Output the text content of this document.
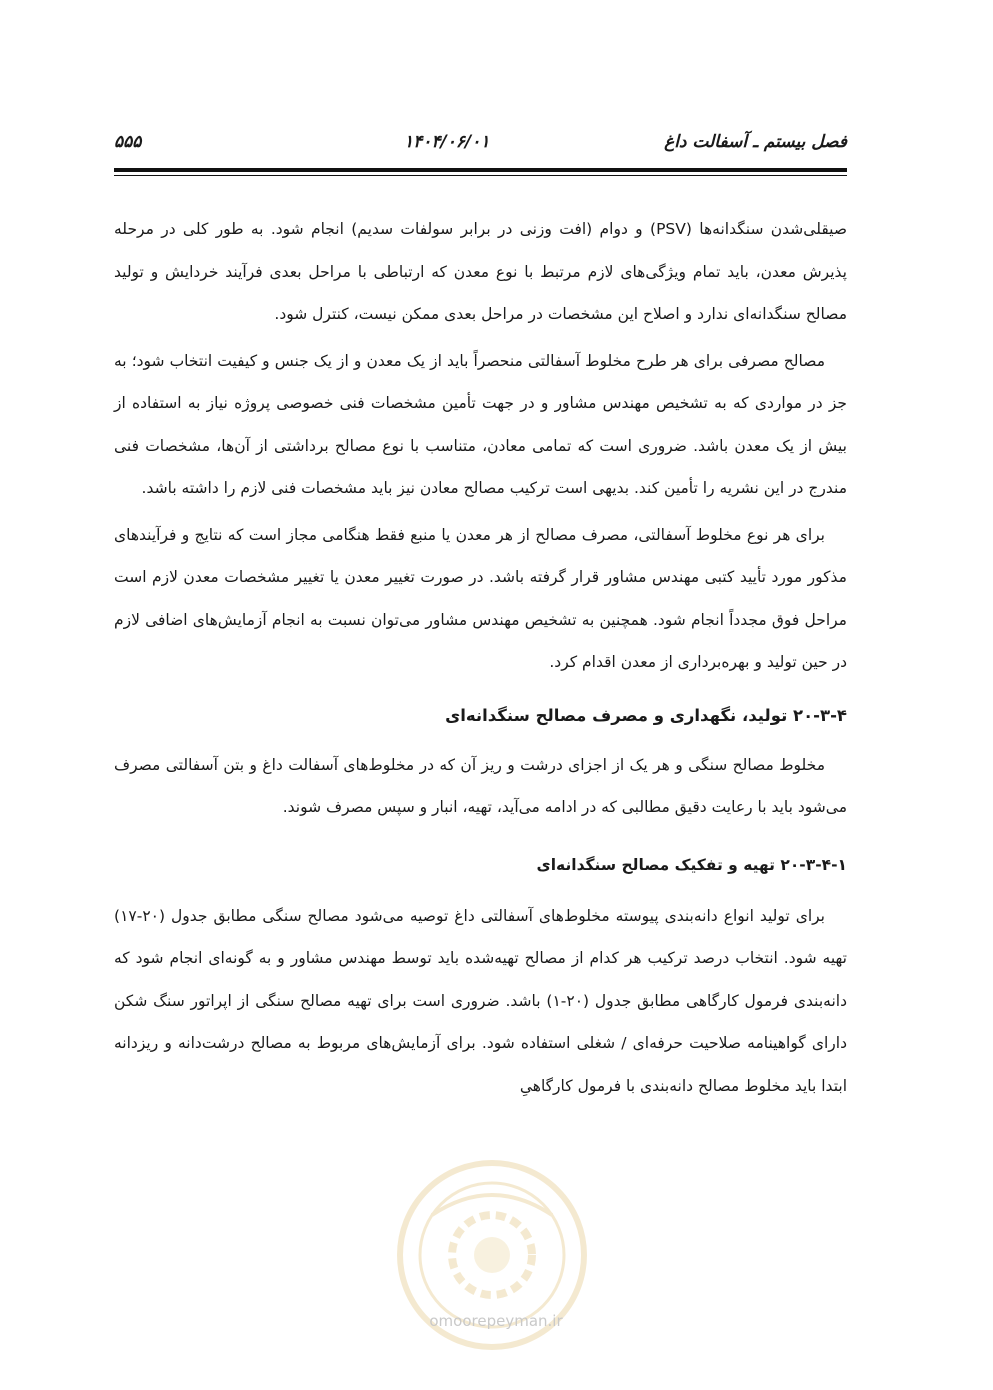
فصل بیستم ـ آسفالت داغ
۱۴۰۴/۰۶/۰۱
۵۵۵

صیقلی‌شدن سنگدانه‌ها (PSV) و دوام (افت وزنی در برابر سولفات سدیم) انجام شود. به طور کلی در مرحله پذیرش معدن، باید تمام ویژگی‌های لازم مرتبط با نوع معدن که ارتباطی با مراحل بعدی فرآیند خردایش و تولید مصالح سنگدانه‌ای ندارد و اصلاح این مشخصات در مراحل بعدی ممکن نیست، کنترل شود.

مصالح مصرفی برای هر طرح مخلوط آسفالتی منحصراً باید از یک معدن و از یک جنس و کیفیت انتخاب شود؛ به جز در مواردی که به تشخیص مهندس مشاور و در جهت تأمین مشخصات فنی خصوصی پروژه نیاز به استفاده از بیش از یک معدن باشد. ضروری است که تمامی معادن، متناسب با نوع مصالح برداشتی از آن‌ها، مشخصات فنی مندرج در این نشریه را تأمین کند. بدیهی است ترکیب مصالح معادن نیز باید مشخصات فنی لازم را داشته باشد.

برای هر نوع مخلوط آسفالتی، مصرف مصالح از هر معدن یا منبع فقط هنگامی مجاز است که نتایج و فرآیندهای مذکور مورد تأیید کتبی مهندس مشاور قرار گرفته باشد. در صورت تغییر معدن یا تغییر مشخصات معدن لازم است مراحل فوق مجدداً انجام شود. همچنین به تشخیص مهندس مشاور می‌توان نسبت به انجام آزمایش‌های اضافی لازم در حین تولید و بهره‌برداری از معدن اقدام کرد.

۲۰-۳-۴ تولید، نگهداری و مصرف مصالح سنگدانه‌ای

مخلوط مصالح سنگی و هر یک از اجزای درشت و ریز آن که در مخلوط‌های آسفالت داغ و بتن آسفالتی مصرف می‌شود باید با رعایت دقیق مطالبی که در ادامه می‌آید، تهیه، انبار و سپس مصرف شوند.

۲۰-۳-۴-۱ تهیه و تفکیک مصالح سنگدانه‌ای

برای تولید انواع دانه‌بندی پیوسته مخلوط‌های آسفالتی داغ توصیه می‌شود مصالح سنگی مطابق جدول (۲۰-۱۷) تهیه شود. انتخاب درصد ترکیب هر کدام از مصالح تهیه‌شده باید توسط مهندس مشاور و به گونه‌ای انجام شود که دانه‌بندی فرمول کارگاهی مطابق جدول (۲۰-۱) باشد. ضروری است برای تهیه مصالح سنگی از اپراتور سنگ شکن دارای گواهینامه صلاحیت حرفه‌ای / شغلی استفاده شود. برای آزمایش‌های مربوط به مصالح درشت‌دانه و ریزدانه ابتدا باید مخلوط مصالح دانه‌بندی با فرمول کارگاهیِ

omoorepeyman.ir
